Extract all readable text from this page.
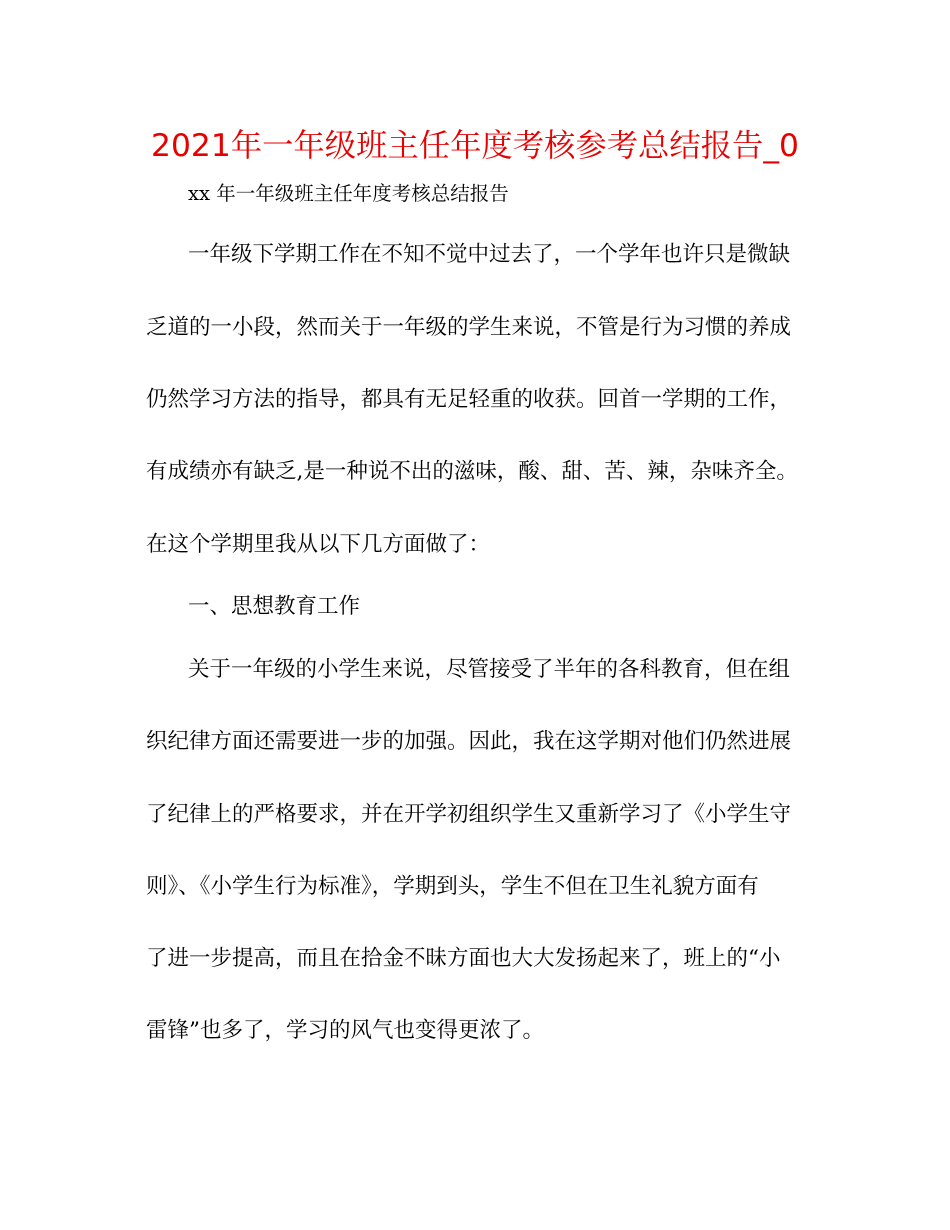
2021年一年级班主任年度考核参考总结报告_0
xx 年一年级班主任年度考核总结报告
一年级下学期工作在不知不觉中过去了，一个学年也许只是微缺
乏道的一小段，然而关于一年级的学生来说，不管是行为习惯的养成
仍然学习方法的指导，都具有无足轻重的收获。回首一学期的工作，
有成绩亦有缺乏,是一种说不出的滋味，酸、甜、苦、辣，杂味齐全。
在这个学期里我从以下几方面做了：
一、思想教育工作
关于一年级的小学生来说，尽管接受了半年的各科教育，但在组
织纪律方面还需要进一步的加强。因此，我在这学期对他们仍然进展
了纪律上的严格要求，并在开学初组织学生又重新学习了《小学生守
则》、《小学生行为标准》，学期到头，学生不但在卫生礼貌方面有
了进一步提高，而且在拾金不昧方面也大大发扬起来了，班上的“小
雷锋”也多了，学习的风气也变得更浓了。
